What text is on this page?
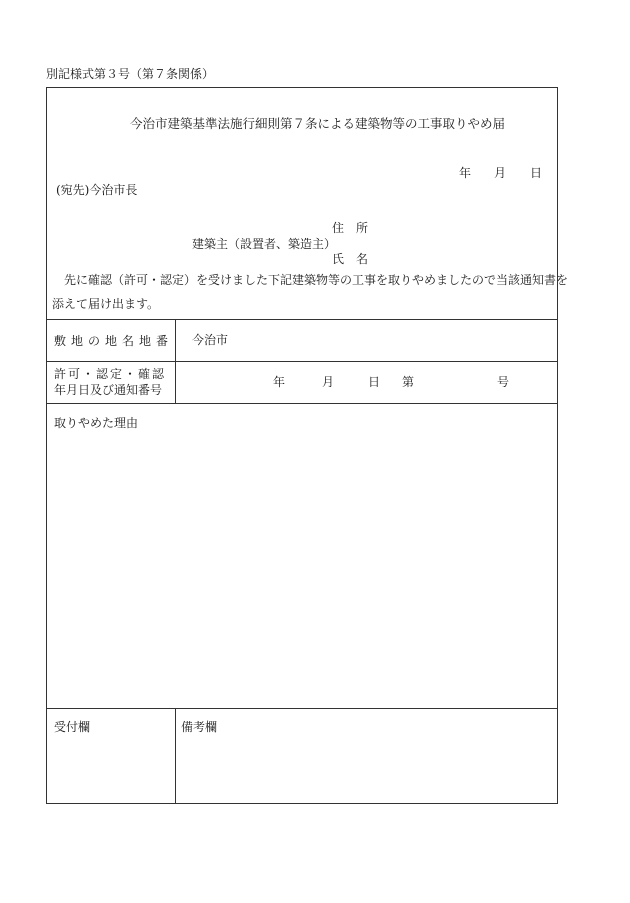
別記様式第３号（第７条関係）
今治市建築基準法施行細則第７条による建築物等の工事取りやめ届
年 月 日
(宛先)今治市長
住　所
建築主（設置者、築造主）
氏　名
先に確認（許可・認定）を受けました下記建築物等の工事を取りやめましたので当該通知書を
添えて届け出ます。
敷地の地名地番 今治市
許可・認定・確認
年月日及び通知番号
年	月	日 第	号
取りやめた理由
受付欄	備考欄
